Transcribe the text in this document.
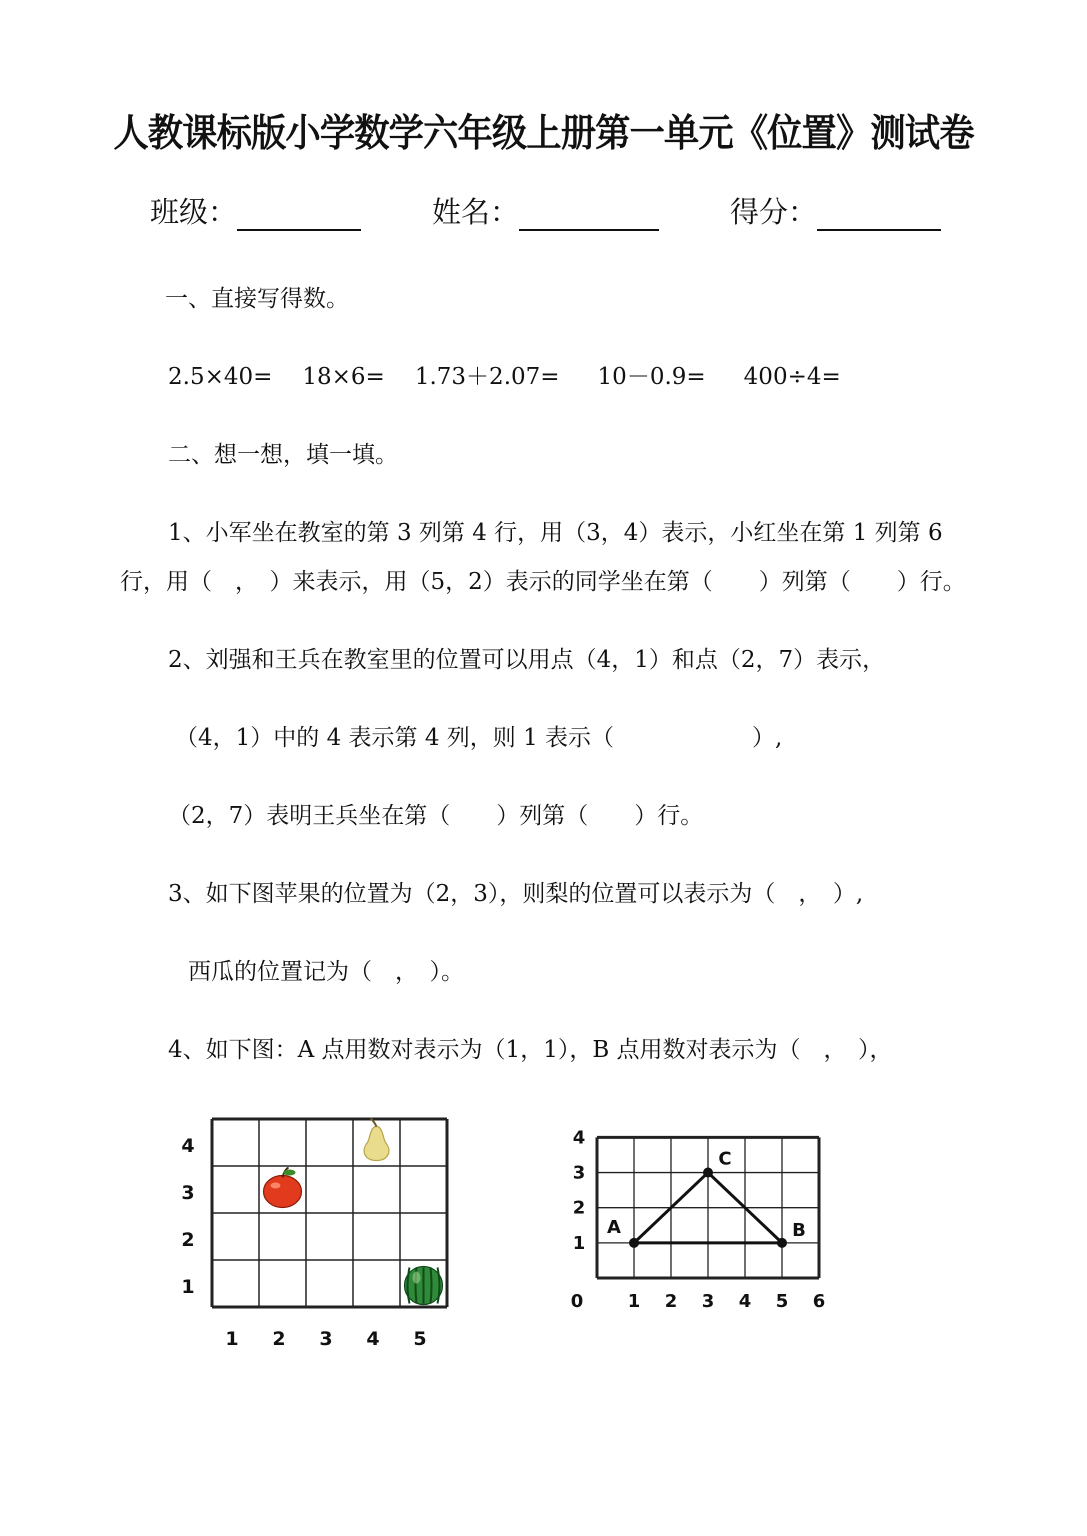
人教课标版小学数学六年级上册第一单元《位置》测试卷
班级：	姓名：	得分：
一、直接写得数。
2.5×40= 18×6= 1.73＋2.07= 10－0.9= 400÷4=
二、想一想，填一填。
1、小军坐在教室的第 3 列第 4 行，用（3，4）表示，小红坐在第 1 列第 6
行，用（　，　）来表示，用（5，2）表示的同学坐在第（　　）列第（　　）行。
2、刘强和王兵在教室里的位置可以用点（4，1）和点（2，7）表示，
（4，1）中的 4 表示第 4 列，则 1 表示（　　　　　　）,
（2，7）表明王兵坐在第（　　）列第（　　）行。
3、如下图苹果的位置为（2，3），则梨的位置可以表示为（　，　）,
西瓜的位置记为（　，　）。
4、如下图：A 点用数对表示为（1，1），B 点用数对表示为（　，　），
1 2 3 4 5
1
2
3
4
0 1 2 3 4 5 6
1
2
3
4
A
C
B
